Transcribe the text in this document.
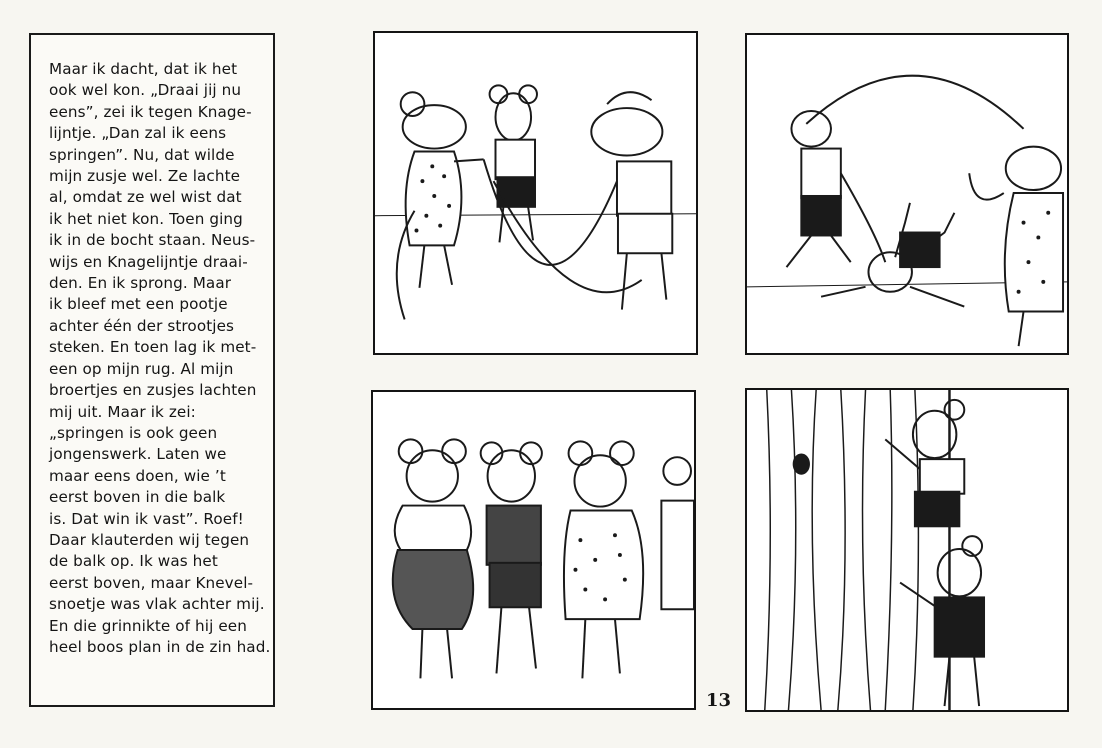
Maar ik dacht, dat ik het
ook wel kon. „Draai jij nu
eens”, zei ik tegen Knage-
lijntje. „Dan zal ik eens
springen”. Nu, dat wilde
mijn zusje wel. Ze lachte
al, omdat ze wel wist dat
ik het niet kon. Toen ging
ik in de bocht staan. Neus-
wijs en Knagelijntje draai-
den. En ik sprong. Maar
ik bleef met een pootje
achter één der strootjes
steken. En toen lag ik met-
een op mijn rug. Al mijn
broertjes en zusjes lachten
mij uit. Maar ik zei:
„springen is ook geen
jongenswerk. Laten we
maar eens doen, wie ’t
eerst boven in die balk
is. Dat win ik vast”. Roef!
Daar klauterden wij tegen
de balk op. Ik was het
eerst boven, maar Knevel-
snoetje was vlak achter mij.
En die grinnikte of hij een
heel boos plan in de zin had.
13
